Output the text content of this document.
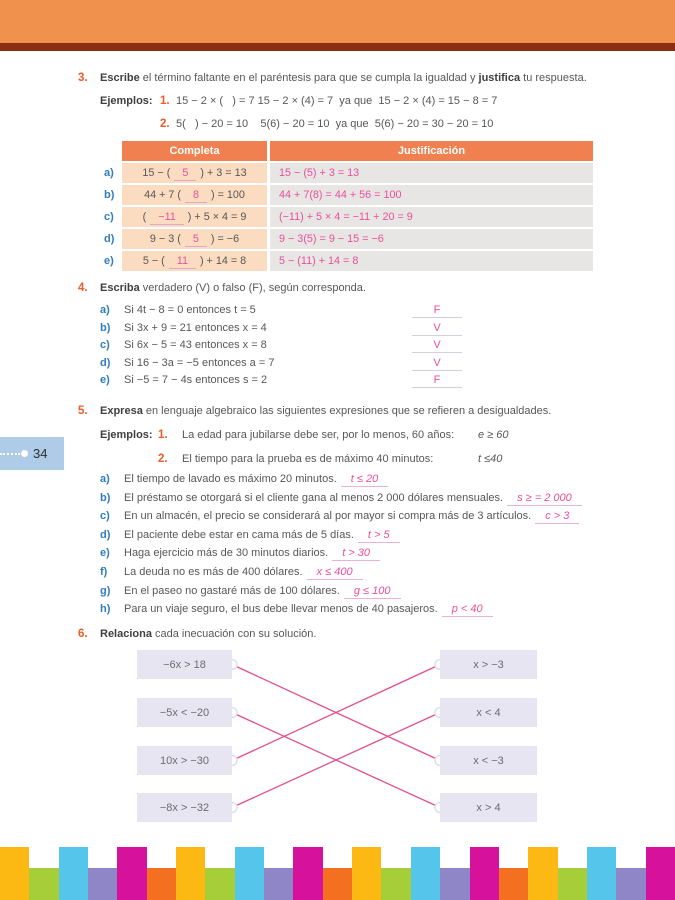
3. Escribe el término faltante en el paréntesis para que se cumpla la igualdad y justifica tu respuesta.
Ejemplos: 1. 15 − 2 × (   ) = 7 15 − 2 × (4) = 7  ya que  15 − 2 × (4) = 15 − 8 = 7
2. 5(   ) − 20 = 10    5(6) − 20 = 10  ya que  5(6) − 20 = 30 − 20 = 10
Completa	Justificación
a)	15 − ( 5 ) + 3 = 13	15 − (5) + 3 = 13
b)	44 + 7 ( 8 ) = 100	44 + 7(8) = 44 + 56 = 100
c)	( −11 ) + 5 × 4 = 9	(−11) + 5 × 4 = −11 + 20 = 9
d)	9 − 3 ( 5 ) = −6	9 − 3(5) = 9 − 15 = −6
e)	5 − ( 11 ) + 14 = 8	5 − (11) + 14 = 8
4. Escriba verdadero (V) o falso (F), según corresponda.
a) Si 4t − 8 = 0 entonces t = 5	F
b) Si 3x + 9 = 21 entonces x = 4	V
c) Si 6x − 5 = 43 entonces x = 8	V
d) Si 16 − 3a = −5 entonces a = 7	V
e) Si −5 = 7 − 4s entonces s = 2	F
5. Expresa en lenguaje algebraico las siguientes expresiones que se refieren a desigualdades.
Ejemplos: 1. La edad para jubilarse debe ser, por lo menos, 60 años: e ≥ 60
2. El tiempo para la prueba es de máximo 40 minutos:	t ≤40
a) El tiempo de lavado es máximo 20 minutos. t ≤ 20
b) El préstamo se otorgará si el cliente gana al menos 2 000 dólares mensuales. s ≥ = 2 000
c) En un almacén, el precio se considerará al por mayor si compra más de 3 artículos. c > 3
d) El paciente debe estar en cama más de 5 días. t > 5
e) Haga ejercicio más de 30 minutos diarios. t > 30
f) La deuda no es más de 400 dólares. x ≤ 400
g) En el paseo no gastaré más de 100 dólares. g ≤ 100
h) Para un viaje seguro, el bus debe llevar menos de 40 pasajeros. p < 40
6. Relaciona cada inecuación con su solución.
−6x > 18
−5x < −20
10x > −30
−8x > −32
x > −3
x < 4
x < −3
x > 4
34
